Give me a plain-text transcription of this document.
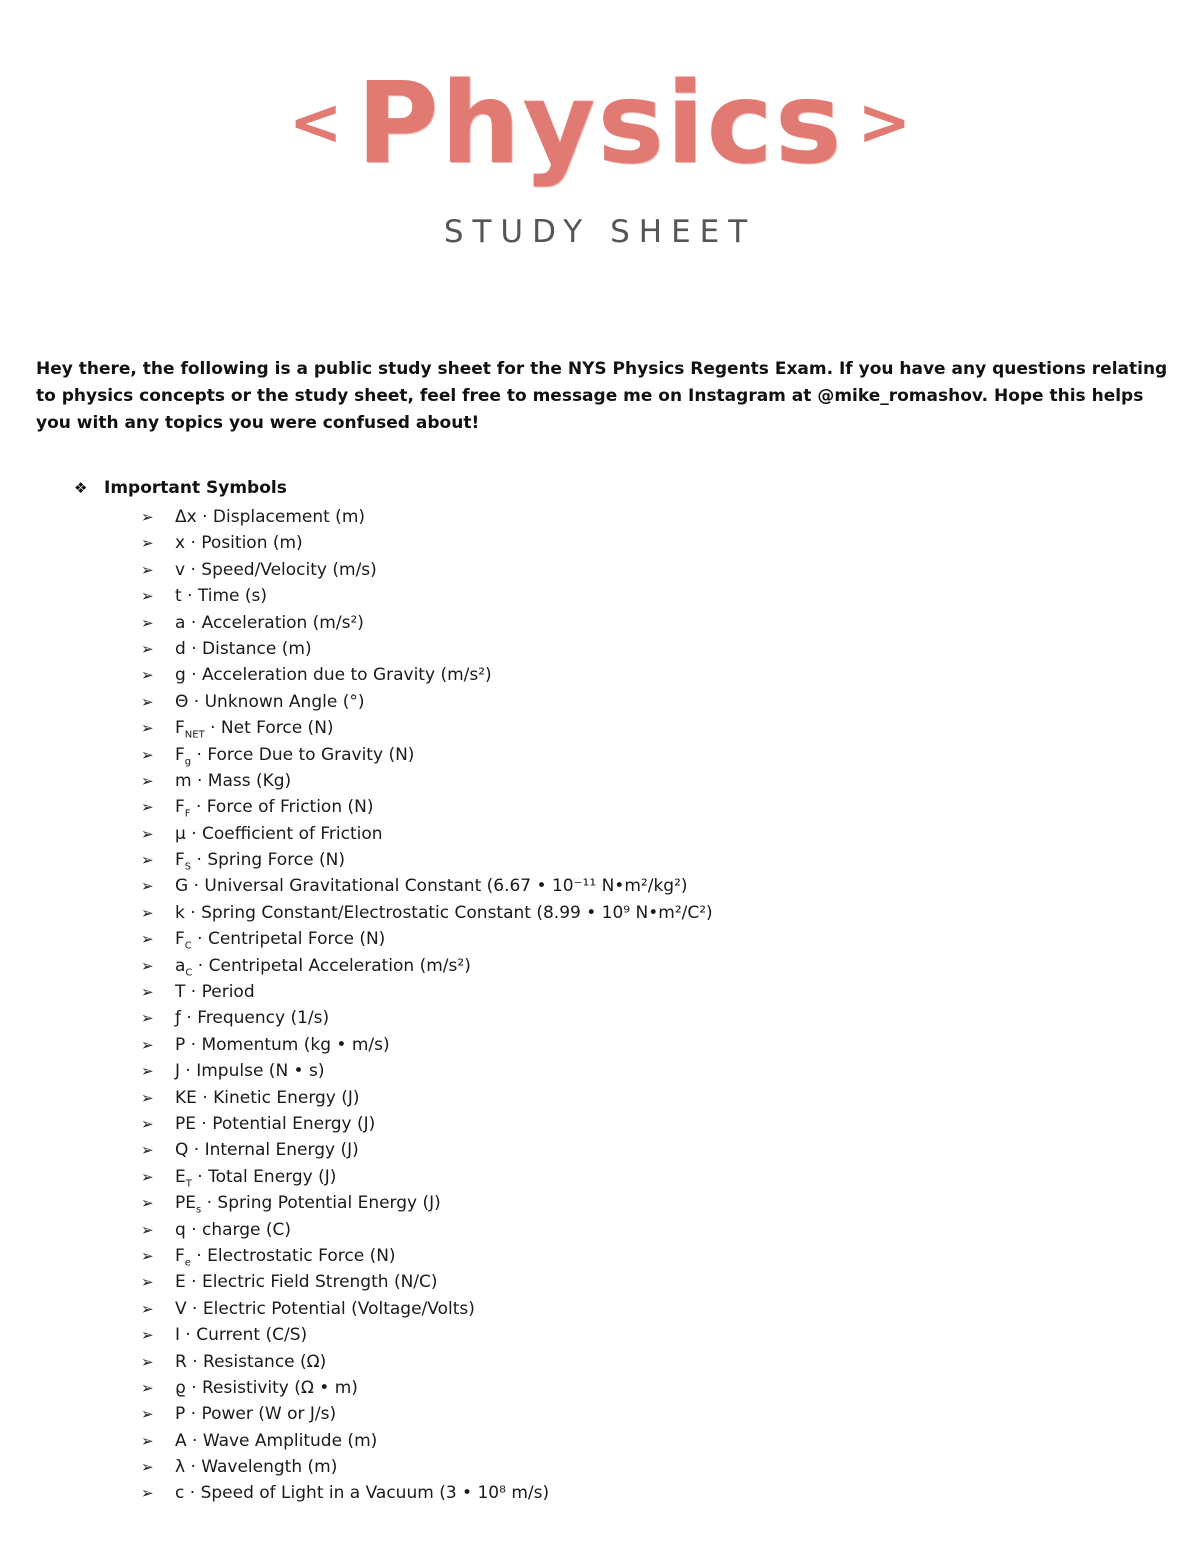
< Physics >
STUDY SHEET

Hey there, the following is a public study sheet for the NYS Physics Regents Exam. If you have any questions relating to physics concepts or the study sheet, feel free to message me on Instagram at @mike_romashov. Hope this helps you with any topics you were confused about!

❖ Important Symbols
➢ Δx · Displacement (m)
➢ x · Position (m)
➢ v · Speed/Velocity (m/s)
➢ t · Time (s)
➢ a · Acceleration (m/s²)
➢ d · Distance (m)
➢ g · Acceleration due to Gravity (m/s²)
➢ Θ · Unknown Angle (°)
➢ $F_{NET}$ · Net Force (N)
➢ $F_g$ · Force Due to Gravity (N)
➢ m · Mass (Kg)
➢ $F_F$ · Force of Friction (N)
➢ μ · Coefficient of Friction
➢ $F_S$ · Spring Force (N)
➢ G · Universal Gravitational Constant (6.67 • 10⁻¹¹ N•m²/kg²)
➢ k · Spring Constant/Electrostatic Constant (8.99 • 10⁹ N•m²/C²)
➢ $F_C$ · Centripetal Force (N)
➢ $a_C$ · Centripetal Acceleration (m/s²)
➢ T · Period
➢ ƒ · Frequency (1/s)
➢ P · Momentum (kg • m/s)
➢ J · Impulse (N • s)
➢ KE · Kinetic Energy (J)
➢ PE · Potential Energy (J)
➢ Q · Internal Energy (J)
➢ $E_T$ · Total Energy (J)
➢ $PE_s$ · Spring Potential Energy (J)
➢ q · charge (C)
➢ $F_e$ · Electrostatic Force (N)
➢ E · Electric Field Strength (N/C)
➢ V · Electric Potential (Voltage/Volts)
➢ I · Current (C/S)
➢ R · Resistance (Ω)
➢ ϱ · Resistivity (Ω • m)
➢ P · Power (W or J/s)
➢ A · Wave Amplitude (m)
➢ λ · Wavelength (m)
➢ c · Speed of Light in a Vacuum (3 • 10⁸ m/s)
